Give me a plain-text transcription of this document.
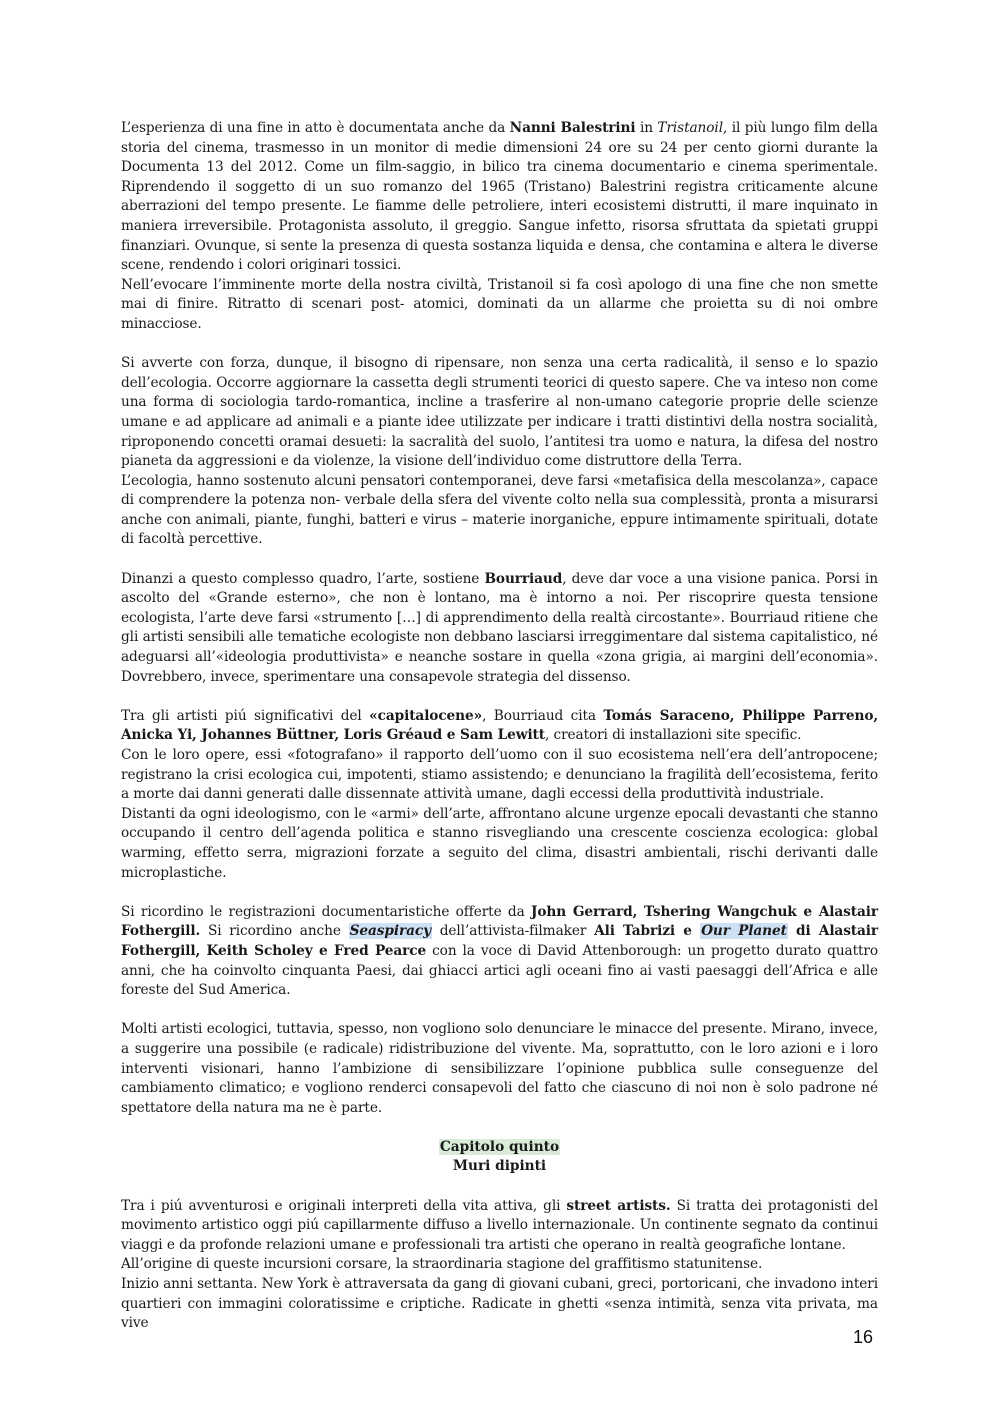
L’esperienza di una fine in atto è documentata anche da Nanni Balestrini in Tristanoil, il più lungo film della storia del cinema, trasmesso in un monitor di medie dimensioni 24 ore su 24 per cento giorni durante la Documenta 13 del 2012. Come un film-saggio, in bilico tra cinema documentario e cinema sperimentale. Riprendendo il soggetto di un suo romanzo del 1965 (Tristano) Balestrini registra criticamente alcune aberrazioni del tempo presente. Le fiamme delle petroliere, interi ecosistemi distrutti, il mare inquinato in maniera irreversibile. Protagonista assoluto, il greggio. Sangue infetto, risorsa sfruttata da spietati gruppi finanziari. Ovunque, si sente la presenza di questa sostanza liquida e densa, che contamina e altera le diverse scene, rendendo i colori originari tossici.

Nell’evocare l’imminente morte della nostra civiltà, Tristanoil si fa così apologo di una fine che non smette mai di finire. Ritratto di scenari post- atomici, dominati da un allarme che proietta su di noi ombre minacciose.

Si avverte con forza, dunque, il bisogno di ripensare, non senza una certa radicalità, il senso e lo spazio dell’ecologia. Occorre aggiornare la cassetta degli strumenti teorici di questo sapere. Che va inteso non come una forma di sociologia tardo-romantica, incline a trasferire al non-umano categorie proprie delle scienze umane e ad applicare ad animali e a piante idee utilizzate per indicare i tratti distintivi della nostra socialità, riproponendo concetti oramai desueti: la sacralità del suolo, l’antitesi tra uomo e natura, la difesa del nostro pianeta da aggressioni e da violenze, la visione dell’individuo come distruttore della Terra.

L’ecologia, hanno sostenuto alcuni pensatori contemporanei, deve farsi «metafisica della mescolanza», capace di comprendere la potenza non- verbale della sfera del vivente colto nella sua complessità, pronta a misurarsi anche con animali, piante, funghi, batteri e virus – materie inorganiche, eppure intimamente spirituali, dotate di facoltà percettive.

Dinanzi a questo complesso quadro, l’arte, sostiene Bourriaud, deve dar voce a una visione panica. Porsi in ascolto del «Grande esterno», che non è lontano, ma è intorno a noi. Per riscoprire questa tensione ecologista, l’arte deve farsi «strumento […] di apprendimento della realtà circostante». Bourriaud ritiene che gli artisti sensibili alle tematiche ecologiste non debbano lasciarsi irreggimentare dal sistema capitalistico, né adeguarsi all’«ideologia produttivista» e neanche sostare in quella «zona grigia, ai margini dell’economia». Dovrebbero, invece, sperimentare una consapevole strategia del dissenso.

Tra gli artisti piú significativi del «capitalocene», Bourriaud cita Tomás Saraceno, Philippe Parreno, Anicka Yi, Johannes Büttner, Loris Gréaud e Sam Lewitt, creatori di installazioni site specific.

Con le loro opere, essi «fotografano» il rapporto dell’uomo con il suo ecosistema nell’era dell’antropocene; registrano la crisi ecologica cui, impotenti, stiamo assistendo; e denunciano la fragilità dell’ecosistema, ferito a morte dai danni generati dalle dissennate attività umane, dagli eccessi della produttività industriale.

Distanti da ogni ideologismo, con le «armi» dell’arte, affrontano alcune urgenze epocali devastanti che stanno occupando il centro dell’agenda politica e stanno risvegliando una crescente coscienza ecologica: global warming, effetto serra, migrazioni forzate a seguito del clima, disastri ambientali, rischi derivanti dalle microplastiche.

Si ricordino le registrazioni documentaristiche offerte da John Gerrard, Tshering Wangchuk e Alastair Fothergill. Si ricordino anche Seaspiracy dell’attivista-filmaker Ali Tabrizi e Our Planet di Alastair Fothergill, Keith Scholey e Fred Pearce con la voce di David Attenborough: un progetto durato quattro anni, che ha coinvolto cinquanta Paesi, dai ghiacci artici agli oceani fino ai vasti paesaggi dell’Africa e alle foreste del Sud America.

Molti artisti ecologici, tuttavia, spesso, non vogliono solo denunciare le minacce del presente. Mirano, invece, a suggerire una possibile (e radicale) ridistribuzione del vivente. Ma, soprattutto, con le loro azioni e i loro interventi visionari, hanno l’ambizione di sensibilizzare l’opinione pubblica sulle conseguenze del cambiamento climatico; e vogliono renderci consapevoli del fatto che ciascuno di noi non è solo padrone né spettatore della natura ma ne è parte.

Capitolo quinto
Muri dipinti

Tra i piú avventurosi e originali interpreti della vita attiva, gli street artists. Si tratta dei protagonisti del movimento artistico oggi piú capillarmente diffuso a livello internazionale. Un continente segnato da continui viaggi e da profonde relazioni umane e professionali tra artisti che operano in realtà geografiche lontane.

All’origine di queste incursioni corsare, la straordinaria stagione del graffitismo statunitense.

Inizio anni settanta. New York è attraversata da gang di giovani cubani, greci, portoricani, che invadono interi quartieri con immagini coloratissime e criptiche. Radicate in ghetti «senza intimità, senza vita privata, ma vive

16
